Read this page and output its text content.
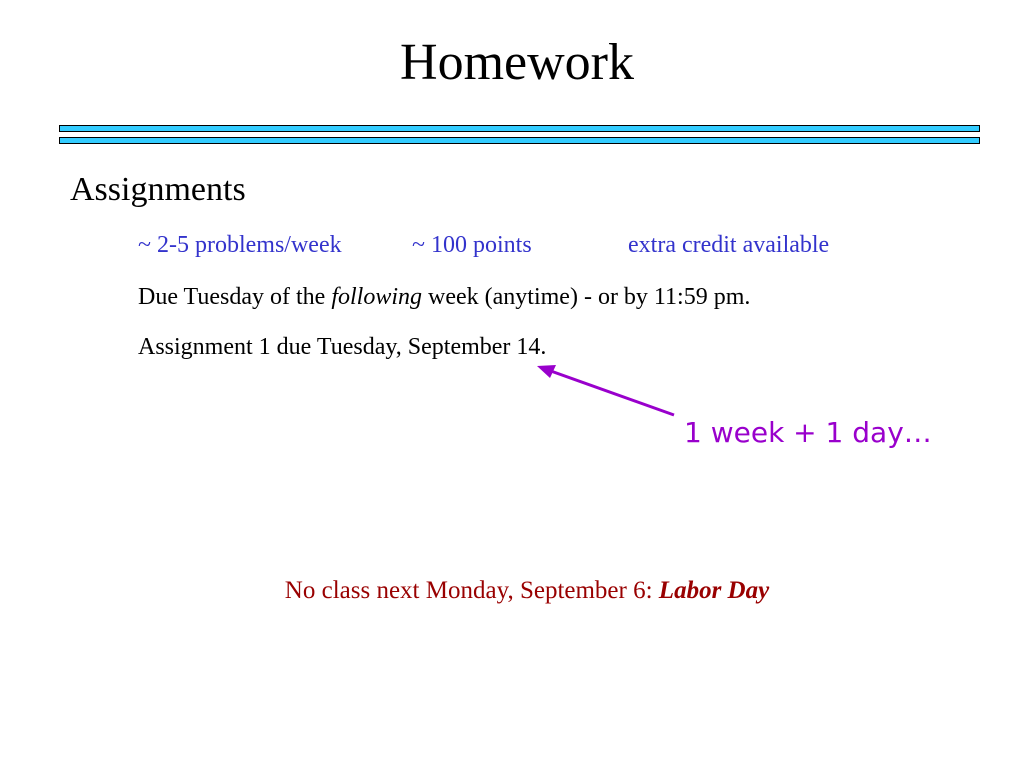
Homework
Assignments
~ 2-5 problems/week	~ 100 points	extra credit available
Due Tuesday of the following week (anytime) - or by 11:59 pm.
Assignment 1 due Tuesday, September 14.
1 week + 1 day…
No class next Monday, September 6: Labor Day
